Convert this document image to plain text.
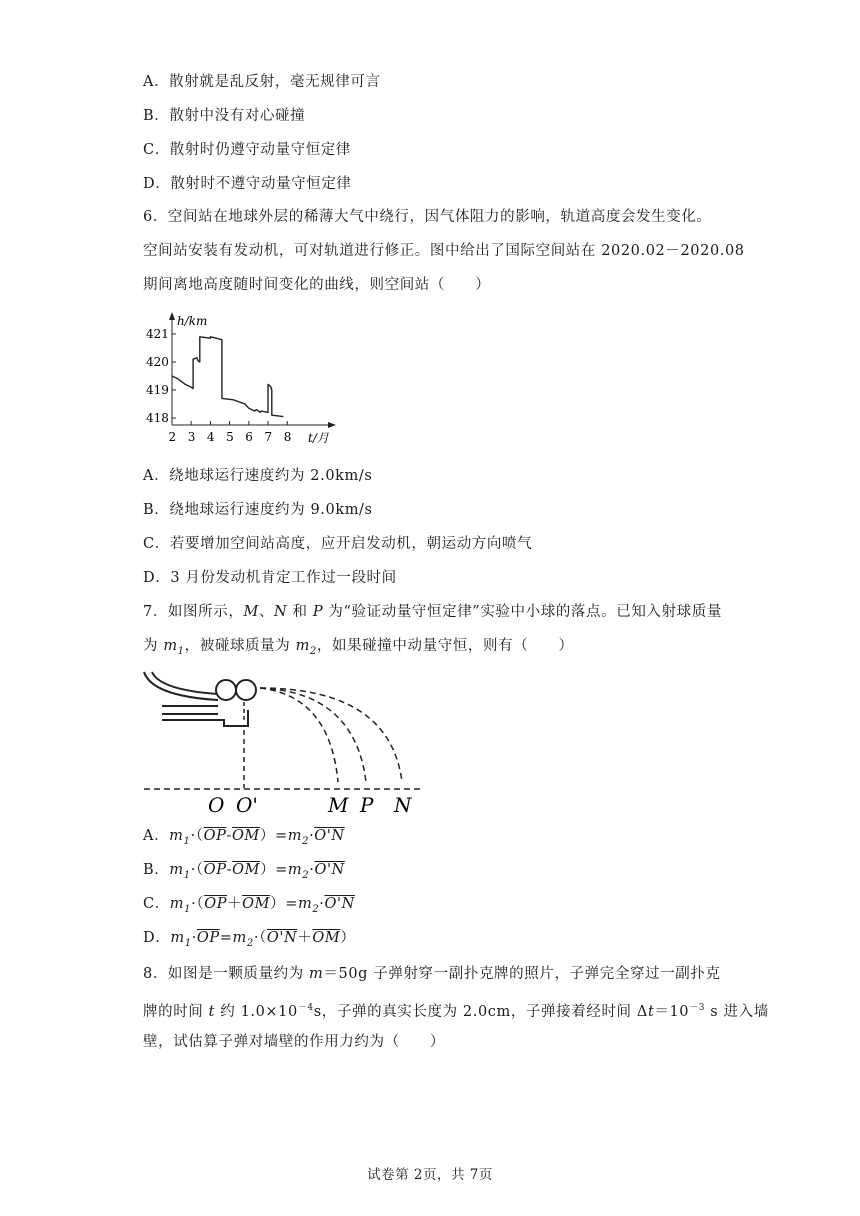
A．散射就是乱反射，毫无规律可言
B．散射中没有对心碰撞
C．散射时仍遵守动量守恒定律
D．散射时不遵守动量守恒定律
6．空间站在地球外层的稀薄大气中绕行，因气体阻力的影响，轨道高度会发生变化。
空间站安装有发动机，可对轨道进行修正。图中给出了国际空间站在 2020.02－2020.08
期间离地高度随时间变化的曲线，则空间站（　　）
h/km
t/月
418
419
420
421
2 3 4 5 6 7 8
A．绕地球运行速度约为 2.0km/s
B．绕地球运行速度约为 9.0km/s
C．若要增加空间站高度，应开启发动机，朝运动方向喷气
D．3 月份发动机肯定工作过一段时间
7．如图所示，M、N 和 P 为“验证动量守恒定律”实验中小球的落点。已知入射球质量
为 $m_1$，被碰球质量为 $m_2$，如果碰撞中动量守恒，则有（　　）
O O'	M P N
A．$m_1\cdot(\overline{OP}-\overline{OM})=m_2\cdot O'N$
B．$m_1\cdot(\overline{OP}-\overline{OM})=m_2\cdot O'N$
C．$m_1\cdot(\overline{OP}+\overline{OM})=m_2\cdot O'N$
D．$m_1\cdot\overline{OP}=m_2\cdot(O'N+\overline{OM})$
8．如图是一颗质量约为 m＝50g 子弹射穿一副扑克牌的照片，子弹完全穿过一副扑克
牌的时间 t 约 $1.0\times 10^{-4}s$，子弹的真实长度为 2.0cm，子弹接着经时间 $\Delta t=10^{-3}$ s 进入墙
壁，试估算子弹对墙壁的作用力约为（　　）
试卷第 2页，共 7页
